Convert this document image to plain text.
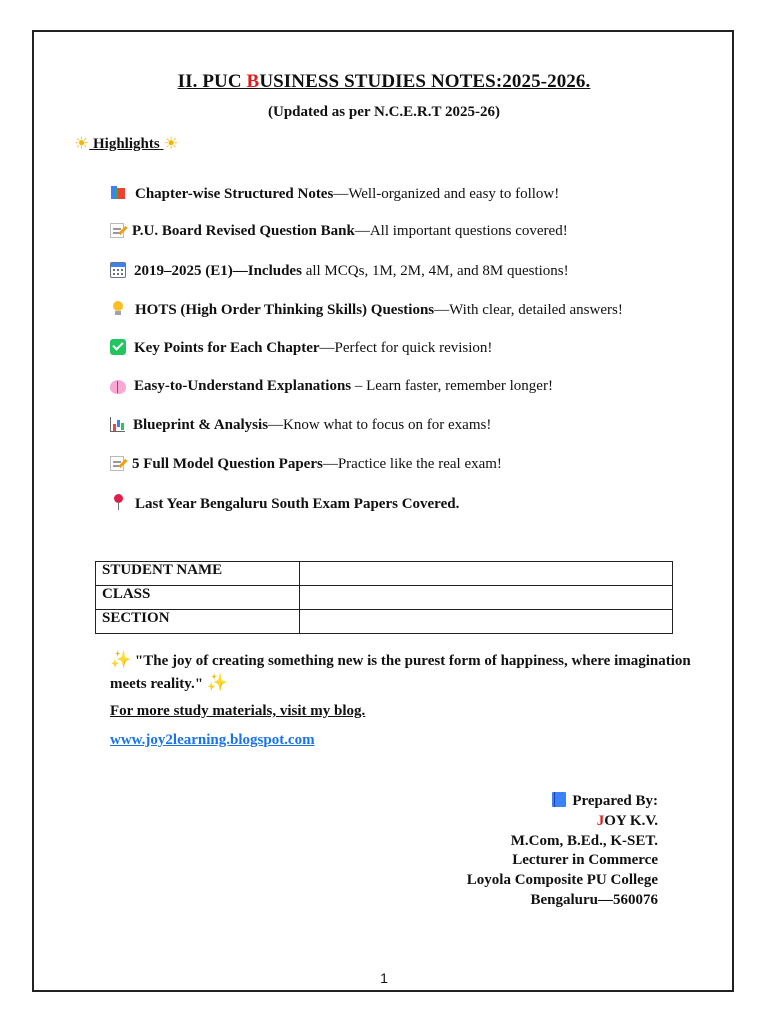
II. PUC BUSINESS STUDIES NOTES:2025-2026.
(Updated as per N.C.E.R.T 2025-26)
☀ Highlights ☀
Chapter-wise Structured Notes—Well-organized and easy to follow!
P.U. Board Revised Question Bank—All important questions covered!
2019–2025 (E1)—Includes all MCQs, 1M, 2M, 4M, and 8M questions!
HOTS (High Order Thinking Skills) Questions—With clear, detailed answers!
Key Points for Each Chapter—Perfect for quick revision!
Easy-to-Understand Explanations – Learn faster, remember longer!
Blueprint & Analysis—Know what to focus on for exams!
5 Full Model Question Papers—Practice like the real exam!
Last Year Bengaluru South Exam Papers Covered.
STUDENT NAME	
CLASS	
SECTION	
✨ "The joy of creating something new is the purest form of happiness, where imagination meets reality." ✨
For more study materials, visit my blog.
www.joy2learning.blogspot.com
Prepared By:
JOY K.V.
M.Com, B.Ed., K-SET.
Lecturer in Commerce
Loyola Composite PU College
Bengaluru—560076
1
